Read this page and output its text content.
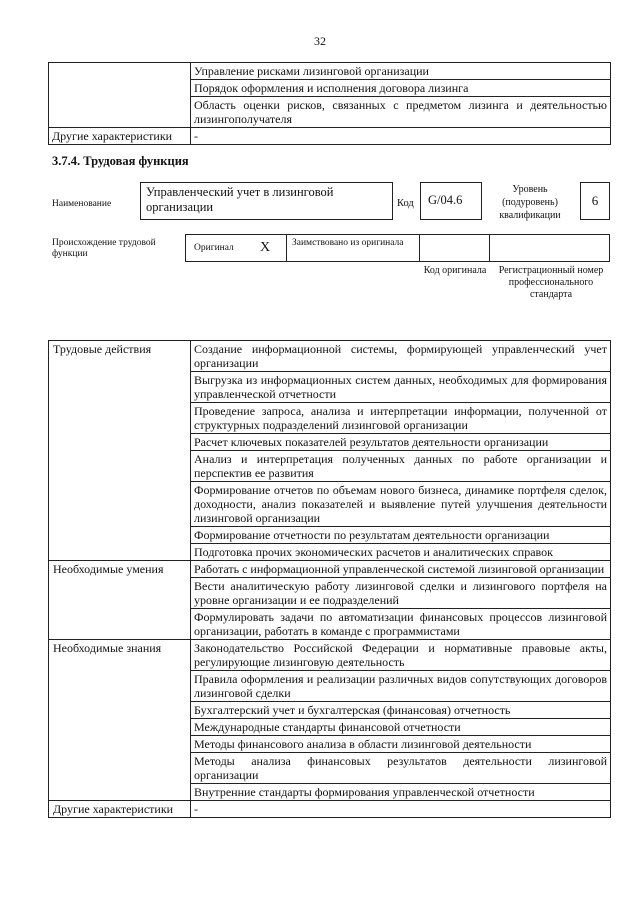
32
	Управление рисками лизинговой организации
	Порядок оформления и исполнения договора лизинга
	Область оценки рисков, связанных с предметом лизинга и деятельностью лизингополучателя
Другие характеристики	-
3.7.4. Трудовая функция
Наименование
Управленческий учет в лизинговой организации	Код	G/04.6
Уровень (подуровень) квалификации
6
Происхождение трудовой функции
Оригинал X Заимствовано из оригинала
Код оригинала	Регистрационный номер профессионального стандарта
Трудовые действия	Создание информационной системы, формирующей управленческий учет организации
	Выгрузка из информационных систем данных, необходимых для формирования управленческой отчетности
	Проведение запроса, анализа и интерпретации информации, полученной от структурных подразделений лизинговой организации
	Расчет ключевых показателей результатов деятельности организации
	Анализ и интерпретация полученных данных по работе организации и перспектив ее развития
	Формирование отчетов по объемам нового бизнеса, динамике портфеля сделок, доходности, анализ показателей и выявление путей улучшения деятельности лизинговой организации
	Формирование отчетности по результатам деятельности организации
	Подготовка прочих экономических расчетов и аналитических справок
Необходимые умения	Работать с информационной управленческой системой лизинговой организации
	Вести аналитическую работу лизинговой сделки и лизингового портфеля на уровне организации и ее подразделений
	Формулировать задачи по автоматизации финансовых процессов лизинговой организации, работать в команде с программистами
Необходимые знания	Законодательство Российской Федерации и нормативные правовые акты, регулирующие лизинговую деятельность
	Правила оформления и реализации различных видов сопутствующих договоров лизинговой сделки
	Бухгалтерский учет и бухгалтерская (финансовая) отчетность
	Международные стандарты финансовой отчетности
	Методы финансового анализа в области лизинговой деятельности
	Методы анализа финансовых результатов деятельности лизинговой организации
	Внутренние стандарты формирования управленческой отчетности
Другие характеристики	-
